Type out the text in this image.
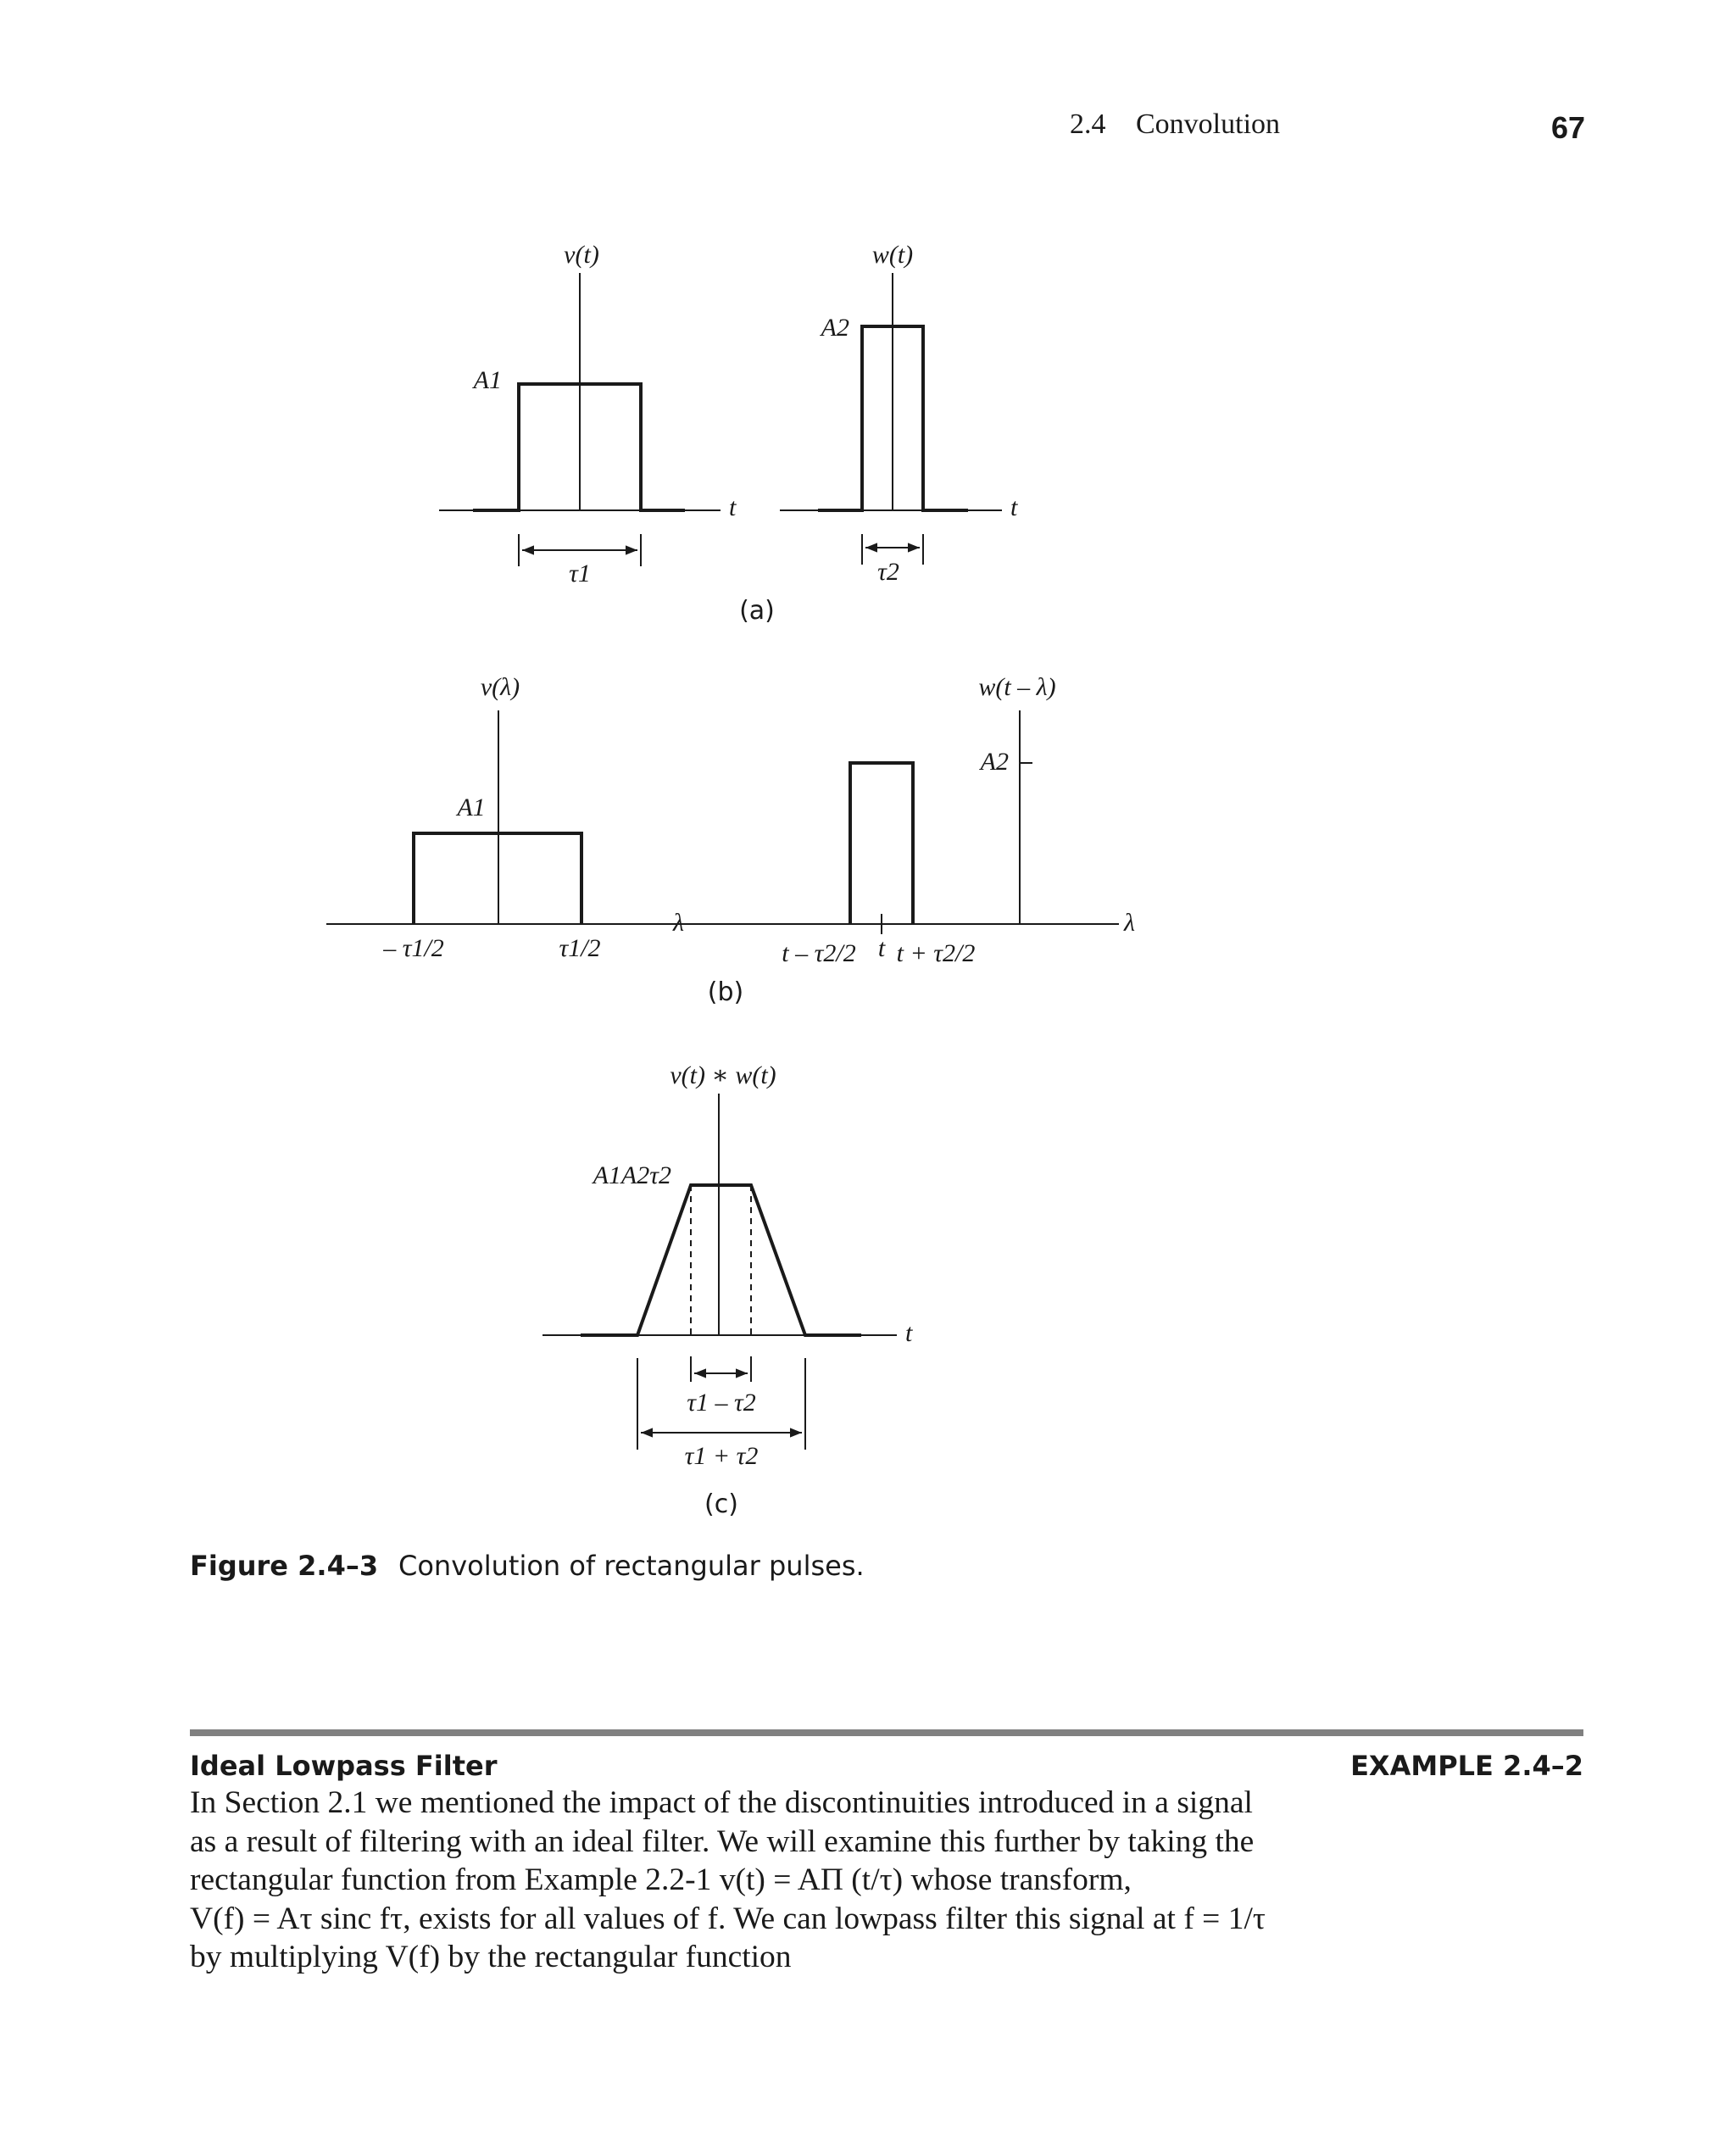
2.4 Convolution	67
v(t)
A1
τ1
t
w(t)
A2
τ2
t
(a)
v(λ)
A1
– τ1/2	τ1/2
λ
w(t – λ)
A2
t – τ2/2 t t + τ2/2
λ
(b)
v(t) ∗ w(t)
A1A2τ2
τ1 – τ2
τ1 + τ2
t
(c)
Figure 2.4–3 Convolution of rectangular pulses.
Ideal Lowpass Filter	EXAMPLE 2.4–2
In Section 2.1 we mentioned the impact of the discontinuities introduced in a signal
as a result of filtering with an ideal filter. We will examine this further by taking the
rectangular function from Example 2.2-1 v(t) = AΠ (t/τ) whose transform,
V(f) = Aτ sinc fτ, exists for all values of f. We can lowpass filter this signal at f = 1/τ
by multiplying V(f) by the rectangular function
